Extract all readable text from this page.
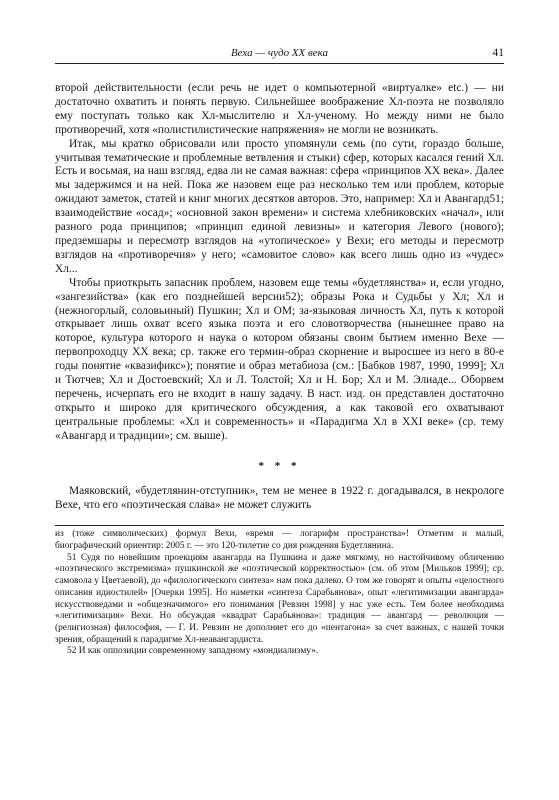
Веха — чудо XX века	41

второй действительности (если речь не идет о компьютерной «виртуалке» etc.) — ни достаточно охватить и понять первую. Сильнейшее воображение Хл-поэта не позволяло ему поступать только как Хл-мыслителю и Хл-ученому. Но между ними не было противоречий, хотя «полистилистические напряжения» не могли не возникать.

Итак, мы кратко обрисовали или просто упомянули семь (по сути, гораздо больше, учитывая тематические и проблемные ветвления и стыки) сфер, которых касался гений Хл. Есть и восьмая, на наш взгляд, едва ли не самая важная: сфера «принципов XX века». Далее мы задержимся и на ней. Пока же назовем еще раз несколько тем или проблем, которые ожидают заметок, статей и книг многих десятков авторов. Это, например: Хл и Авангард51; взаимодействие «осад»; «основной закон времени» и система хлебниковских «начал», или разного рода принципов; «принцип единой левизны» и категория Левого (нового); предземшары и пересмотр взглядов на «утопическое» у Вехи; его методы и пересмотр взглядов на «противоречия» у него; «самовитое слово» как всего лишь одно из «чудес» Хл...

Чтобы приоткрыть запасник проблем, назовем еще темы «будетлянства» и, если угодно, «зангезийства» (как его позднейшей версии52); образы Рока и Судьбы у Хл; Хл и (нежногорлый, соловьиный) Пушкин; Хл и ОМ; за-языковая личность Хл, путь к которой открывает лишь охват всего языка поэта и его словотворчества (нынешнее право на которое, культура которого и наука о котором обязаны своим бытием именно Вехе — первопроходцу XX века; ср. также его термин-образ скорнение и выросшее из него в 80-е годы понятие «квазификс»); понятие и образ метабиоза (см.: [Бабков 1987, 1990, 1999]; Хл и Тютчев; Хл и Достоевский; Хл и Л. Толстой; Хл и Н. Бор; Хл и М. Элиаде... Оборвем перечень, исчерпать его не входит в нашу задачу. В наст. изд. он представлен достаточно открыто и широко для критического обсуждения, а как таковой его охватывают центральные проблемы: «Хл и современность» и «Парадигма Хл в XXI веке» (ср. тему «Авангард и традиции»; см. выше).

* * *

Маяковский, «будетлянин-отступник», тем не менее в 1922 г. догадывался, в некрологе Вехе, что его «поэтическая слава» не может служить

из (тоже символических) формул Вехи, «время — логарифм пространства»! Отметим и малый, биографический ориентир: 2005 г. — это 120-тилетие со дня рождения Будетлянина.

51 Судя по новейшим проекциям авангарда на Пушкина и даже мягкому, но настойчивому обличению «поэтического экстремизма» пушкинской же «поэтической корректностью» (см. об этом [Мильков 1999]; ср. самовола у Цветаевой), до «филологического синтеза» нам пока далеко. О том же говорят и опыты «целостного описания идиостилей» [Очерки 1995]. Но наметки «синтеза Сарабьянова», опыт «легитимизации авангарда» искусствоведами и «общезначимого» его понимания [Ревзин 1998] у нас уже есть. Тем более необходима «легитимизация» Вехи. Но обсуждая «квадрат Сарабьянова»: традиция — авангард — революция — (религиозная) философия, — Г. И. Ревзин не дополняет его до «пентагона» за счет важных, с нашей точки зрения, обращений к парадигме Хл-неавангардиста.

52 И как оппозиции современному западному «мондиализму».
